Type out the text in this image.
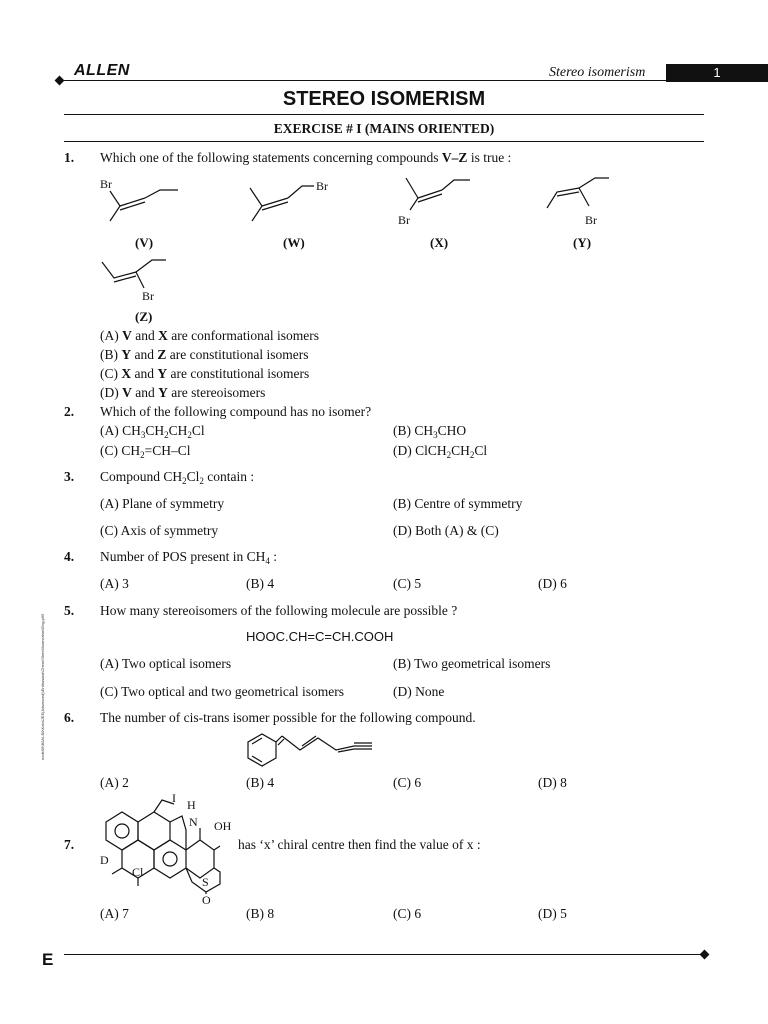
ALLEN	Stereo isomerism	1
STEREO ISOMERISM
EXERCISE # I (MAINS ORIENTED)
1. Which one of the following statements concerning compounds V–Z is true :
Br
(V)
Br
(W)
Br
(X)
Br
(Y)
Br
(Z)
(A) V and X are conformational isomers
(B) Y and Z are constitutional isomers
(C) X and Y are constitutional isomers
(D) V and Y are stereoisomers
2. Which of the following compound has no isomer?
(A) $CH_3CH_2CH_2Cl$	(B) $CH_3CHO$
(C) $CH_2=CH-Cl$	(D) $ClCH_2CH_2Cl$
3. Compound $CH_2Cl_2$ contain :
(A) Plane of symmetry	(B) Centre of symmetry
(C) Axis of symmetry	(D) Both (A) & (C)
4. Number of POS present in $CH_4$ :
(A) 3	(B) 4	(C) 5	(D) 6
5. How many stereoisomers of the following molecule are possible ?
HOOC.CH=C=CH.COOH
(A) Two optical isomers	(B) Two geometrical isomers
(C) Two optical and two geometrical isomers	(D) None
6. The number of cis-trans isomer possible for the following compound.
(A) 2	(B) 4	(C) 6	(D) 8
7.
I H
N OH
D
Cl
S
O
has ‘x’ chiral centre then find the value of x :
(A) 7	(B) 8	(C) 6	(D) 5
node06\B0AI-B0\Kota\JEE(Advanced)\Enthusiast\Chem\Sheet\Isomerism\Eng.p65
E
